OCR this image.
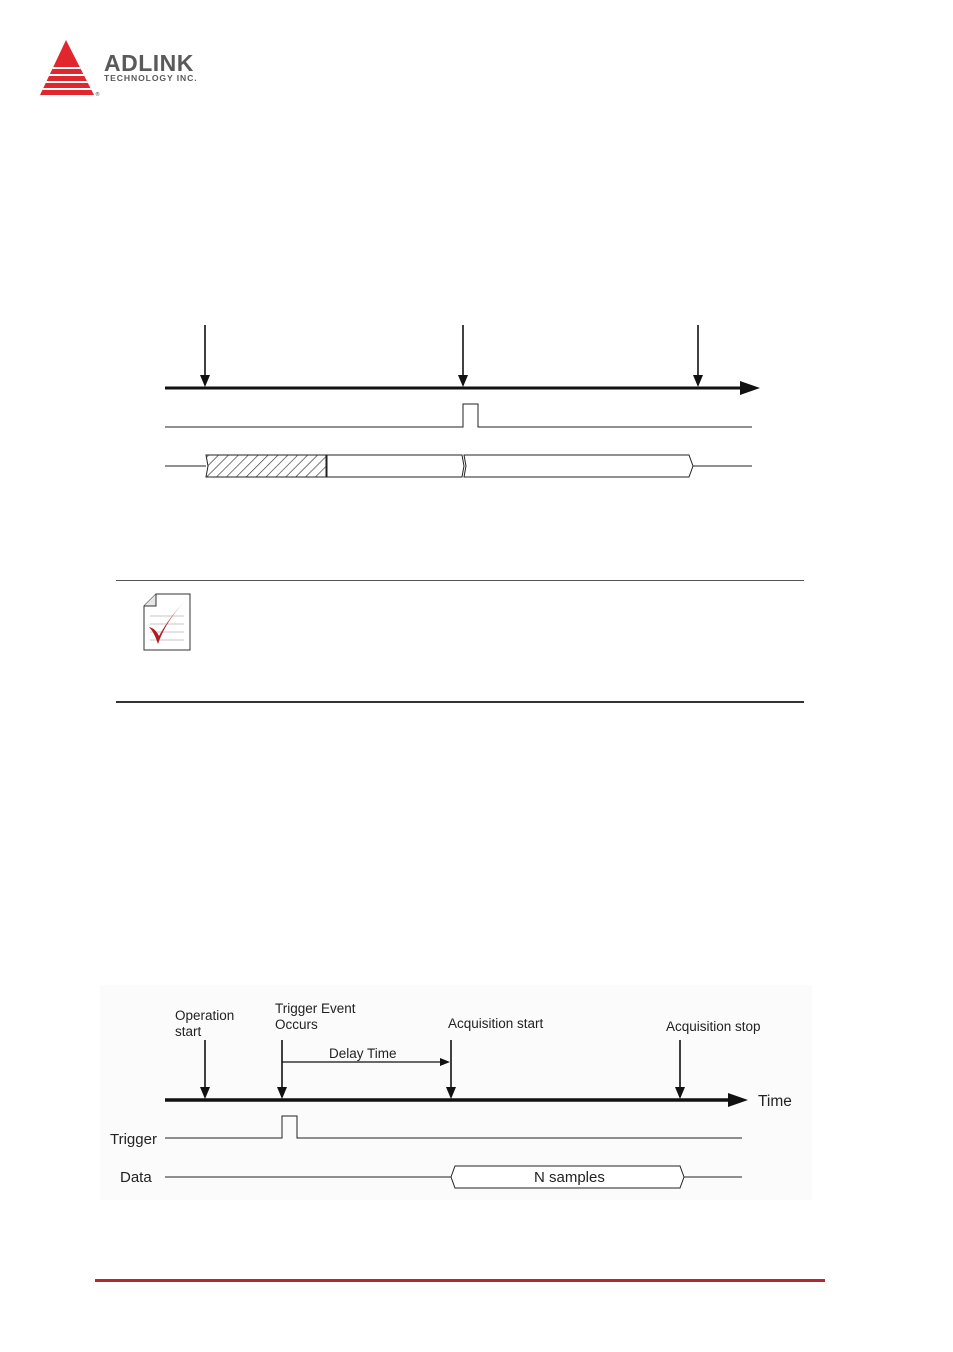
®
ADLINK
TECHNOLOGY INC.
Operation
start
Trigger Event
Occurs	Acquisition start	Acquisition stop
Delay Time
Time
Trigger
Data	N samples
